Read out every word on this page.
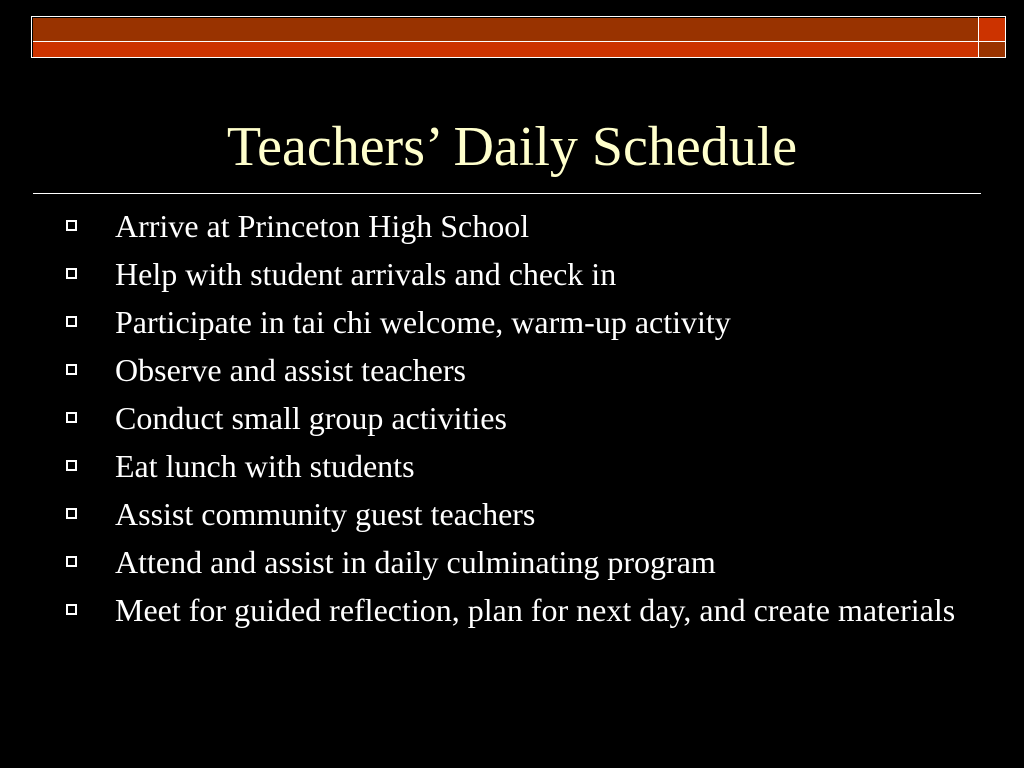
Teachers’ Daily Schedule
Arrive at Princeton High School
Help with student arrivals and check in
Participate in tai chi welcome, warm-up activity
Observe and assist teachers
Conduct small group activities
Eat lunch with students
Assist community guest teachers
Attend and assist in daily culminating program
Meet for guided reflection, plan for next day, and create materials
